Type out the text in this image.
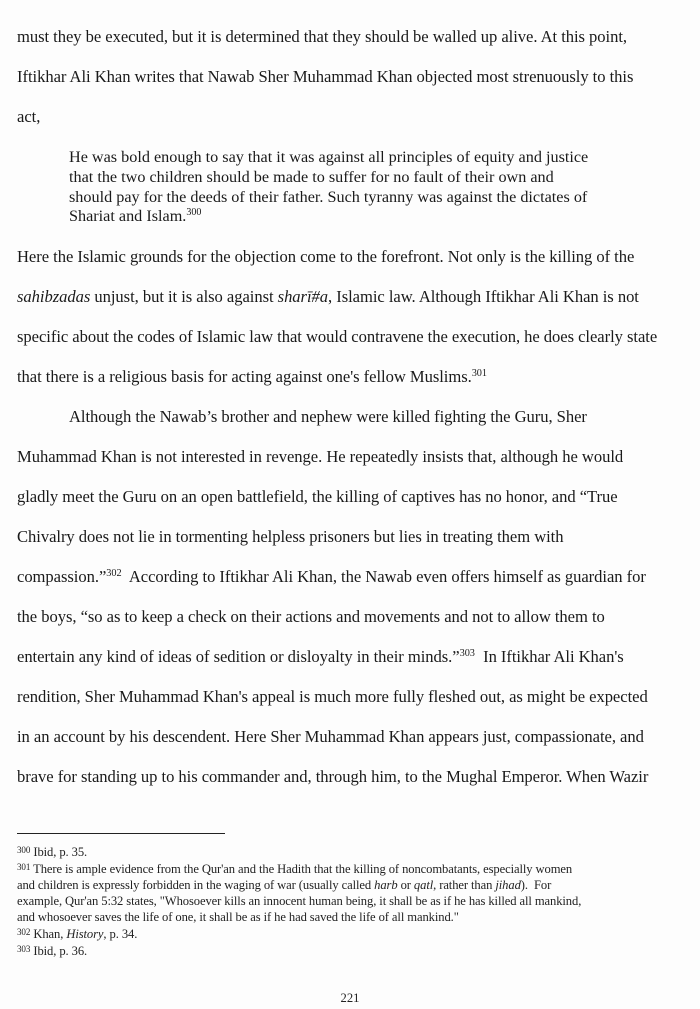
must they be executed, but it is determined that they should be walled up alive. At this point,
Iftikhar Ali Khan writes that Nawab Sher Muhammad Khan objected most strenuously to this
act,
He was bold enough to say that it was against all principles of equity and justice
that the two children should be made to suffer for no fault of their own and
should pay for the deeds of their father. Such tyranny was against the dictates of
Shariat and Islam.$^{300}$
Here the Islamic grounds for the objection come to the forefront. Not only is the killing of the
sahibzadas unjust, but it is also against sharī#a, Islamic law. Although Iftikhar Ali Khan is not
specific about the codes of Islamic law that would contravene the execution, he does clearly state
that there is a religious basis for acting against one's fellow Muslims.$^{301}$
Although the Nawab’s brother and nephew were killed fighting the Guru, Sher
Muhammad Khan is not interested in revenge. He repeatedly insists that, although he would
gladly meet the Guru on an open battlefield, the killing of captives has no honor, and “True
Chivalry does not lie in tormenting helpless prisoners but lies in treating them with
compassion.”$^{302}$  According to Iftikhar Ali Khan, the Nawab even offers himself as guardian for
the boys, “so as to keep a check on their actions and movements and not to allow them to
entertain any kind of ideas of sedition or disloyalty in their minds.”$^{303}$  In Iftikhar Ali Khan's
rendition, Sher Muhammad Khan's appeal is much more fully fleshed out, as might be expected
in an account by his descendent. Here Sher Muhammad Khan appears just, compassionate, and
brave for standing up to his commander and, through him, to the Mughal Emperor. When Wazir
$^{300}$ Ibid, p. 35.
$^{301}$ There is ample evidence from the Qur'an and the Hadith that the killing of noncombatants, especially women
and children is expressly forbidden in the waging of war (usually called harb or qatl, rather than jihad).  For
example, Qur'an 5:32 states, "Whosoever kills an innocent human being, it shall be as if he has killed all mankind,
and whosoever saves the life of one, it shall be as if he had saved the life of all mankind."
$^{302}$ Khan, History, p. 34.
$^{303}$ Ibid, p. 36.
221
